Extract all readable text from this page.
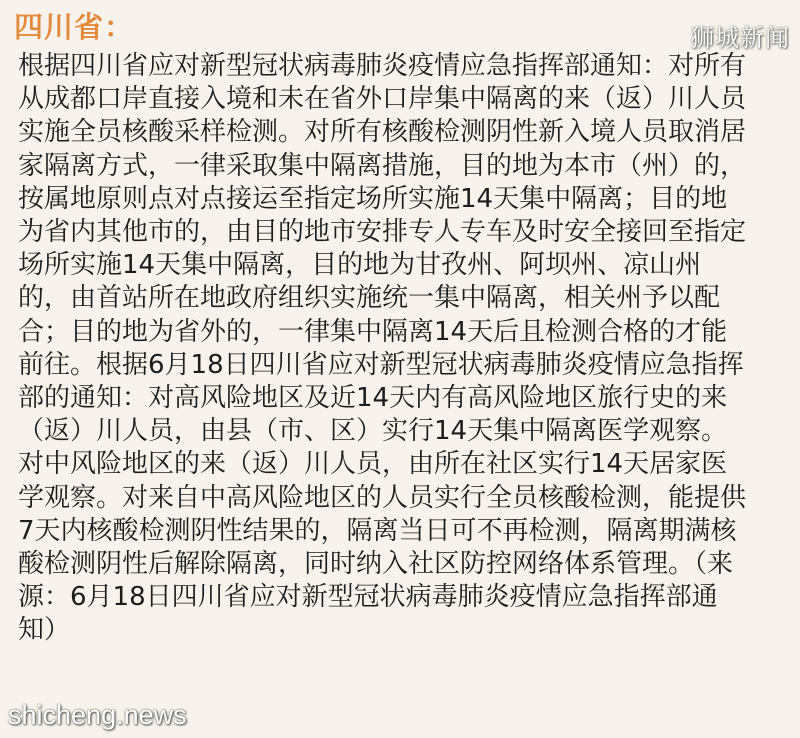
四川省：	狮城新闻

根据四川省应对新型冠状病毒肺炎疫情应急指挥部通知：对所有
从成都口岸直接入境和未在省外口岸集中隔离的来（返）川人员
实施全员核酸采样检测。对所有核酸检测阴性新入境人员取消居
家隔离方式，一律采取集中隔离措施，目的地为本市（州）的，
按属地原则点对点接运至指定场所实施14天集中隔离；目的地
为省内其他市的，由目的地市安排专人专车及时安全接回至指定
场所实施14天集中隔离，目的地为甘孜州、阿坝州、凉山州
的，由首站所在地政府组织实施统一集中隔离，相关州予以配
合；目的地为省外的，一律集中隔离14天后且检测合格的才能
前往。根据6月18日四川省应对新型冠状病毒肺炎疫情应急指挥
部的通知：对高风险地区及近14天内有高风险地区旅行史的来
（返）川人员，由县（市、区）实行14天集中隔离医学观察。
对中风险地区的来（返）川人员，由所在社区实行14天居家医
学观察。对来自中高风险地区的人员实行全员核酸检测，能提供
7天内核酸检测阴性结果的，隔离当日可不再检测，隔离期满核
酸检测阴性后解除隔离，同时纳入社区防控网络体系管理。（来
源：6月18日四川省应对新型冠状病毒肺炎疫情应急指挥部通
知）

shicheng.news
